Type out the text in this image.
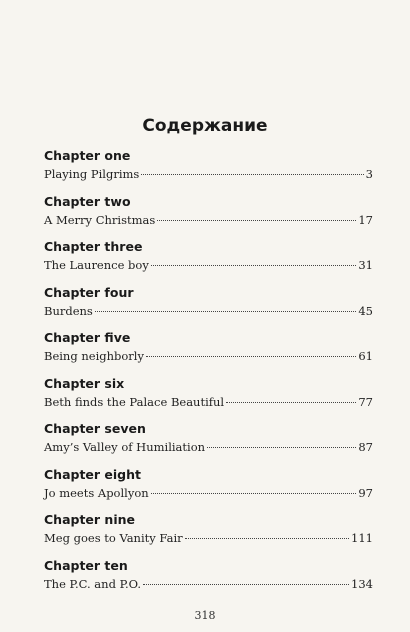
Содержание
Chapter one
Playing Pilgrims	3
Chapter two
A Merry Christmas	17
Chapter three
The Laurence boy	31
Chapter four
Burdens	45
Chapter five
Being neighborly	61
Chapter six
Beth finds the Palace Beautiful	77
Chapter seven
Amy’s Valley of Humiliation	87
Chapter eight
Jo meets Apollyon	97
Chapter nine
Meg goes to Vanity Fair	111
Chapter ten
The P.C. and P.O.	134
318
